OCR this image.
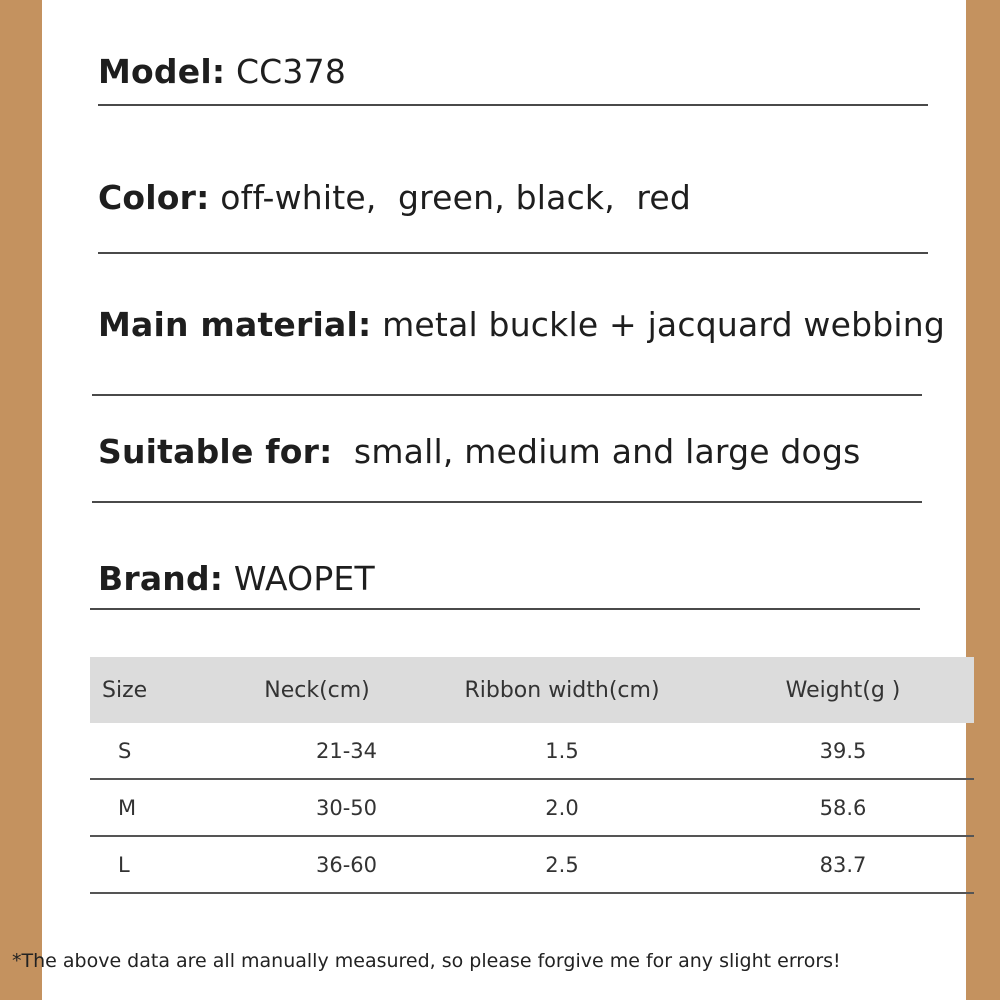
Model: CC378
Color: off-white,  green, black,  red
Main material: metal buckle + jacquard webbing
Suitable for:  small, medium and large dogs
Brand: WAOPET
Size	Neck(cm)	Ribbon width(cm)	Weight(g )
S	21-34	1.5	39.5
M	30-50	2.0	58.6
L	36-60	2.5	83.7
*The above data are all manually measured, so please forgive me for any slight errors!
